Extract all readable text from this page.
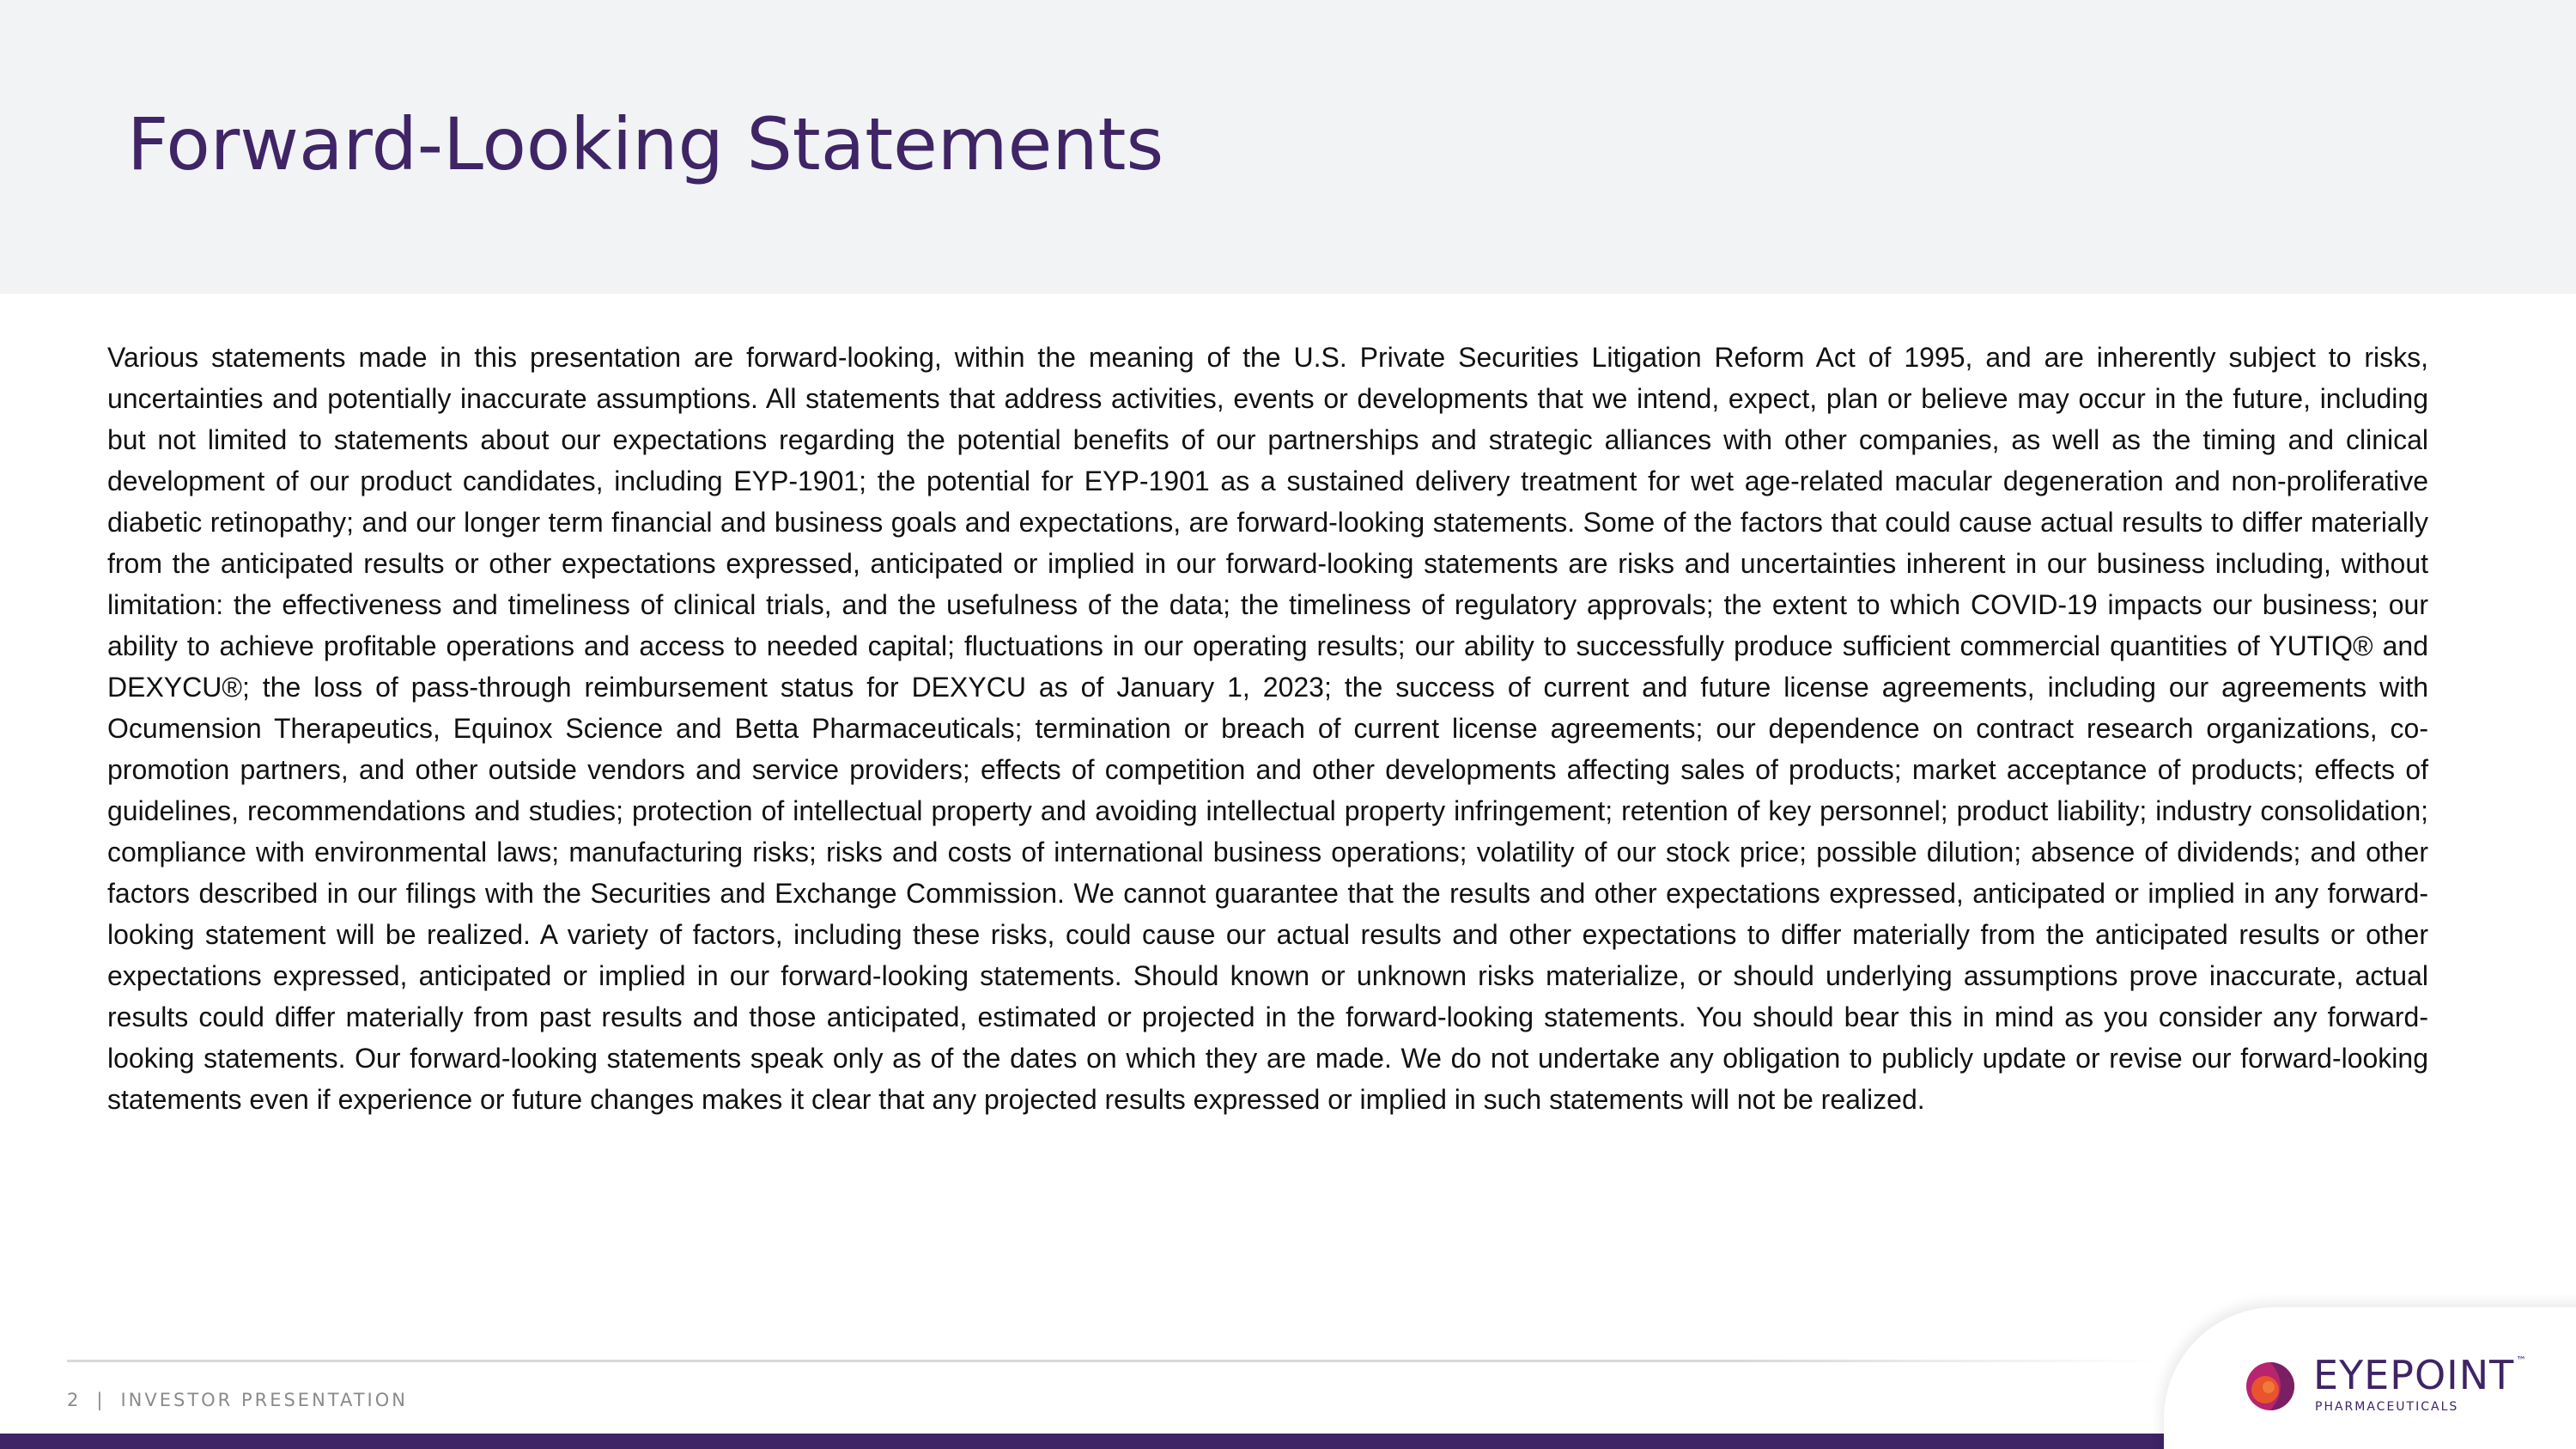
Forward-Looking Statements

Various statements made in this presentation are forward-looking, within the meaning of the U.S. Private Securities Litigation Reform Act of 1995, and are inherently subject to risks, uncertainties and potentially inaccurate assumptions. All statements that address activities, events or developments that we intend, expect, plan or believe may occur in the future, including but not limited to statements about our expectations regarding the potential benefits of our partnerships and strategic alliances with other companies, as well as the timing and clinical development of our product candidates, including EYP-1901; the potential for EYP-1901 as a sustained delivery treatment for wet age-related macular degeneration and non-proliferative diabetic retinopathy; and our longer term financial and business goals and expectations, are forward-looking statements. Some of the factors that could cause actual results to differ materially from the anticipated results or other expectations expressed, anticipated or implied in our forward-looking statements are risks and uncertainties inherent in our business including, without limitation: the effectiveness and timeliness of clinical trials, and the usefulness of the data; the timeliness of regulatory approvals; the extent to which COVID-19 impacts our business; our ability to achieve profitable operations and access to needed capital; fluctuations in our operating results; our ability to successfully produce sufficient commercial quantities of YUTIQ® and DEXYCU®; the loss of pass-through reimbursement status for DEXYCU as of January 1, 2023; the success of current and future license agreements, including our agreements with Ocumension Therapeutics, Equinox Science and Betta Pharmaceuticals; termination or breach of current license agreements; our dependence on contract research organizations, co-promotion partners, and other outside vendors and service providers; effects of competition and other developments affecting sales of products; market acceptance of products; effects of guidelines, recommendations and studies; protection of intellectual property and avoiding intellectual property infringement; retention of key personnel; product liability; industry consolidation; compliance with environmental laws; manufacturing risks; risks and costs of international business operations; volatility of our stock price; possible dilution; absence of dividends; and other factors described in our filings with the Securities and Exchange Commission. We cannot guarantee that the results and other expectations expressed, anticipated or implied in any forward-looking statement will be realized. A variety of factors, including these risks, could cause our actual results and other expectations to differ materially from the anticipated results or other expectations expressed, anticipated or implied in our forward-looking statements. Should known or unknown risks materialize, or should underlying assumptions prove inaccurate, actual results could differ materially from past results and those anticipated, estimated or projected in the forward-looking statements. You should bear this in mind as you consider any forward-looking statements. Our forward-looking statements speak only as of the dates on which they are made. We do not undertake any obligation to publicly update or revise our forward-looking statements even if experience or future changes makes it clear that any projected results expressed or implied in such statements will not be realized.

2 | INVESTOR PRESENTATION
EYEPOINT ™
PHARMACEUTICALS
